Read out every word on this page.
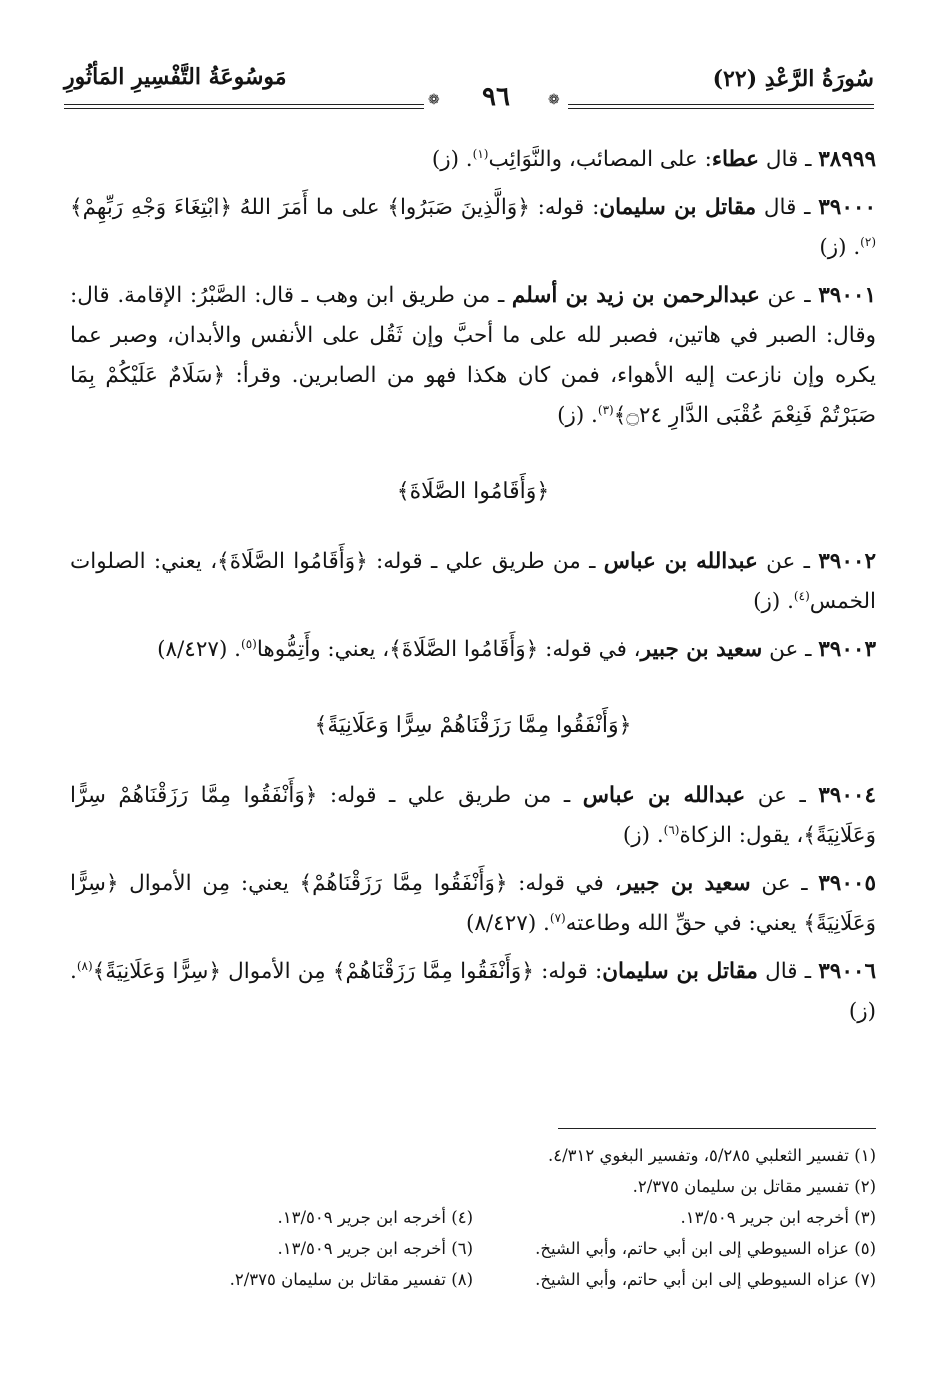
سُورَةُ الرَّعْدِ (٢٢)
مَوسُوعَةُ التَّفْسِيرِ المَأثُورِ
❁	❁
٩٦

٣٨٩٩٩ ـ قال عطاء: على المصائب، والنَّوَائِب$^{(١)}$. (ز)

٣٩٠٠٠ ـ قال مقاتل بن سليمان: قوله: ﴿وَالَّذِينَ صَبَرُوا﴾ على ما أَمَرَ اللهُ ﴿ابْتِغَاءَ وَجْهِ رَبِّهِمْ﴾$^{(٢)}$. (ز)

٣٩٠٠١ ـ عن عبدالرحمن بن زيد بن أسلم ـ من طريق ابن وهب ـ قال: الصَّبْرُ: الإقامة. قال: وقال: الصبر في هاتين، فصبر لله على ما أحبَّ وإن ثَقُل على الأنفس والأبدان، وصبر عما يكره وإن نازعت إليه الأهواء، فمن كان هكذا فهو من الصابرين. وقرأ: ﴿سَلَامٌ عَلَيْكُمْ بِمَا صَبَرْتُمْ فَنِعْمَ عُقْبَى الدَّارِ ۝٢٤﴾$^{(٣)}$. (ز)

﴿وَأَقَامُوا الصَّلَاةَ﴾

٣٩٠٠٢ ـ عن عبدالله بن عباس ـ من طريق علي ـ قوله: ﴿وَأَقَامُوا الصَّلَاةَ﴾، يعني: الصلوات الخمس$^{(٤)}$. (ز)

٣٩٠٠٣ ـ عن سعيد بن جبير، في قوله: ﴿وَأَقَامُوا الصَّلَاةَ﴾، يعني: وأَتِمُّوها$^{(٥)}$. (٨/٤٢٧)

﴿وَأَنْفَقُوا مِمَّا رَزَقْنَاهُمْ سِرًّا وَعَلَانِيَةً﴾

٣٩٠٠٤ ـ عن عبدالله بن عباس ـ من طريق علي ـ قوله: ﴿وَأَنْفَقُوا مِمَّا رَزَقْنَاهُمْ سِرًّا وَعَلَانِيَةً﴾، يقول: الزكاة$^{(٦)}$. (ز)

٣٩٠٠٥ ـ عن سعيد بن جبير، في قوله: ﴿وَأَنْفَقُوا مِمَّا رَزَقْنَاهُمْ﴾ يعني: مِن الأموال ﴿سِرًّا وَعَلَانِيَةً﴾ يعني: في حقِّ الله وطاعته$^{(٧)}$. (٨/٤٢٧)

٣٩٠٠٦ ـ قال مقاتل بن سليمان: قوله: ﴿وَأَنْفَقُوا مِمَّا رَزَقْنَاهُمْ﴾ مِن الأموال ﴿سِرًّا وَعَلَانِيَةً﴾$^{(٨)}$. (ز)

(١) تفسير الثعلبي ٥/٢٨٥، وتفسير البغوي ٤/٣١٢.
(٢) تفسير مقاتل بن سليمان ٢/٣٧٥.
(٣) أخرجه ابن جرير ١٣/٥٠٩.
(٤) أخرجه ابن جرير ١٣/٥٠٩.
(٥) عزاه السيوطي إلى ابن أبي حاتم، وأبي الشيخ.
(٦) أخرجه ابن جرير ١٣/٥٠٩.
(٧) عزاه السيوطي إلى ابن أبي حاتم، وأبي الشيخ.
(٨) تفسير مقاتل بن سليمان ٢/٣٧٥.
